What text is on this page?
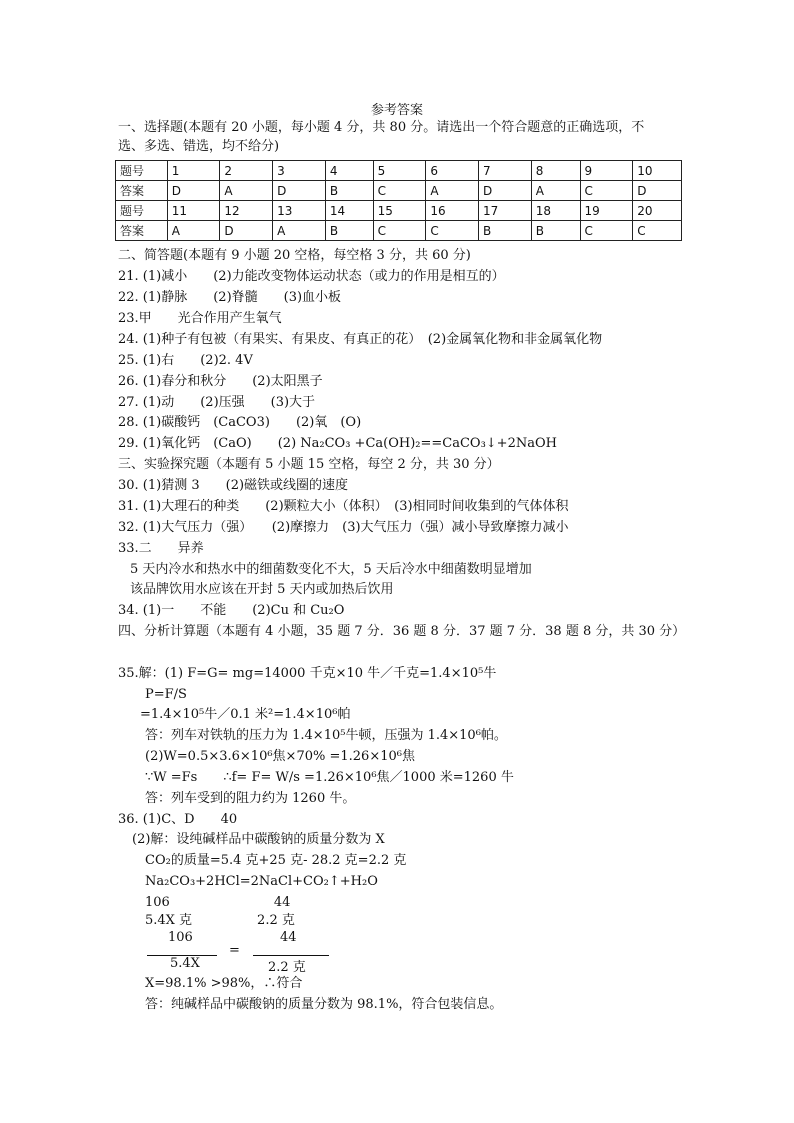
参考答案
一、选择题(本题有 20 小题，每小题 4 分，共 80 分。请选出一个符合题意的正确选项，不
选、多选、错选，均不给分)
题号	1	2	3	4	5	6	7	8	9	10
答案	D	A	D	B	C	A	D	A	C	D
题号	11	12	13	14	15	16	17	18	19	20
答案	A	D	A	B	C	C	B	B	C	C
二、简答题(本题有 9 小题 20 空格，每空格 3 分，共 60 分)
21. (1)减小　　(2)力能改变物体运动状态（或力的作用是相互的）
22. (1)静脉　　(2)脊髓　　(3)血小板
23.甲　　光合作用产生氧气
24. (1)种子有包被（有果实、有果皮、有真正的花）　(2)金属氧化物和非金属氧化物
25. (1)右　　(2)2. 4V
26. (1)春分和秋分　　(2)太阳黑子
27. (1)动　　(2)压强　　(3)大于
28. (1)碳酸钙　(CaCO3)　　(2)氧　(O)
29. (1)氧化钙　(CaO)　　(2) Na₂CO₃ +Ca(OH)₂==CaCO₃↓+2NaOH
三、实验探究题（本题有 5 小题 15 空格，每空 2 分，共 30 分）
30. (1)猜测 3　　(2)磁铁或线圈的速度
31. (1)大理石的种类　　(2)颗粒大小（体积）　(3)相同时间收集到的气体体积
32. (1)大气压力（强）　　(2)摩擦力　(3)大气压力（强）减小导致摩擦力减小
33.二　　异养
5 天内冷水和热水中的细菌数变化不大，5 天后冷水中细菌数明显增加
该品牌饮用水应该在开封 5 天内或加热后饮用
34. (1)一　　不能　　(2)Cu 和 Cu₂O
四、分析计算题（本题有 4 小题，35 题 7 分．36 题 8 分．37 题 7 分．38 题 8 分，共 30 分）
35.解：(1) F=G= mg=14000 千克×10 牛／千克=1.4×10⁵牛
P=F/S
=1.4×10⁵牛／0.1 米²=1.4×10⁶帕
答：列车对铁轨的压力为 1.4×10⁵牛顿，压强为 1.4×10⁶帕。
(2)W=0.5×3.6×10⁶焦×70% =1.26×10⁶焦
∵W =Fs　　∴f= F= W/s =1.26×10⁶焦／1000 米=1260 牛
答：列车受到的阻力约为 1260 牛。
36. (1)C、D　　40
(2)解：设纯碱样品中碳酸钠的质量分数为 X
CO₂的质量=5.4 克+25 克- 28.2 克=2.2 克
Na₂CO₃+2HCl=2NaCl+CO₂↑+H₂O
106　　　　　　　　44
5.4X 克　　　　　2.2 克
106
5.4X
=
44
2.2 克
X=98.1% >98%，∴符合
答：纯碱样品中碳酸钠的质量分数为 98.1%，符合包装信息。
